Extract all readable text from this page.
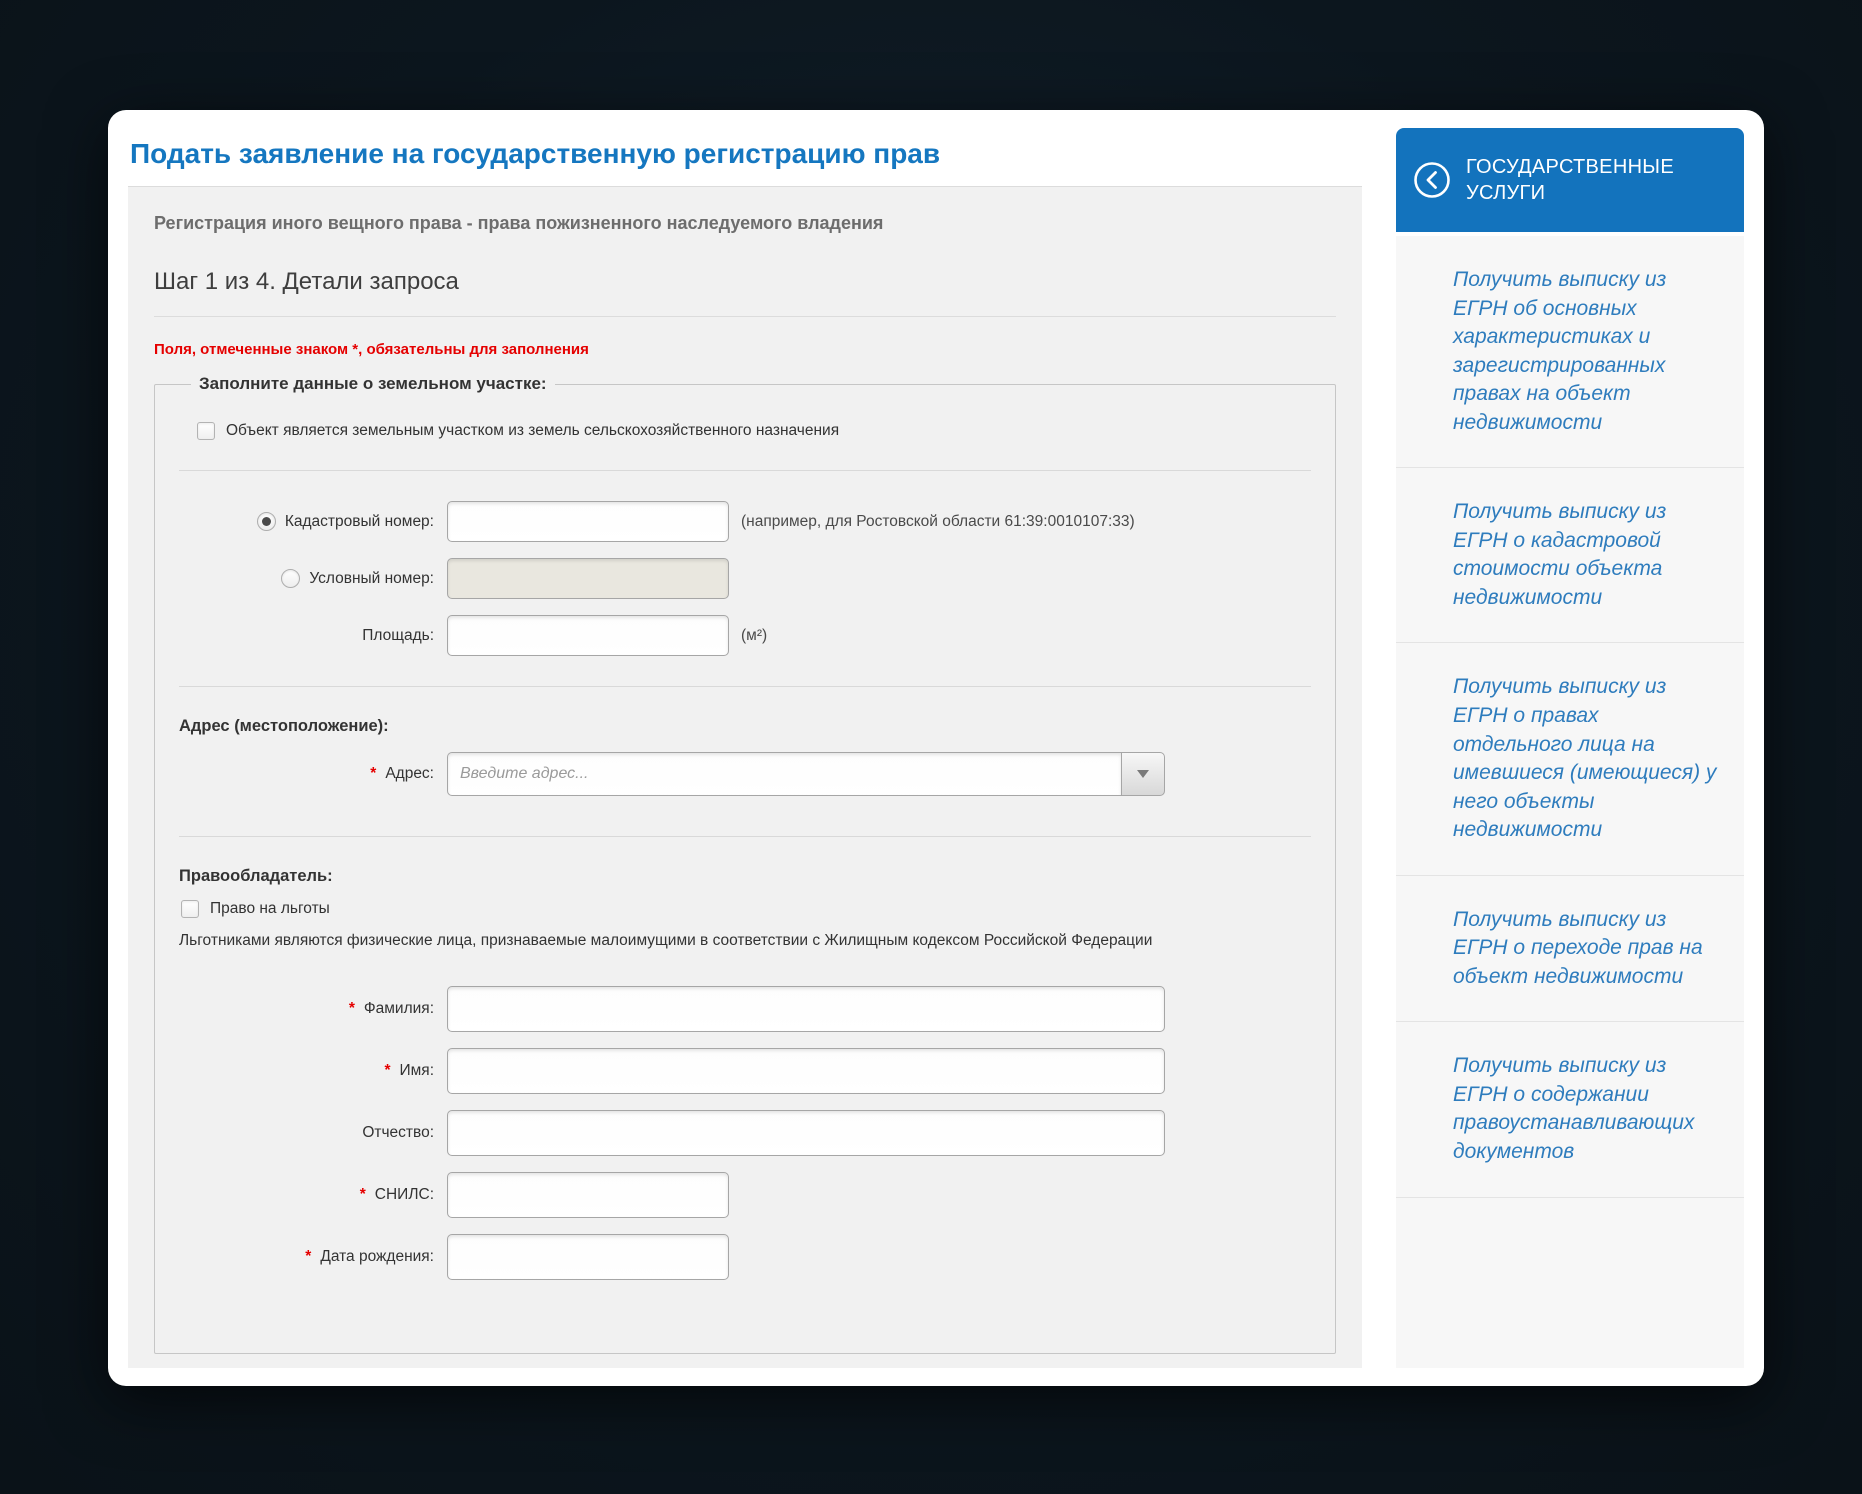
Подать заявление на государственную регистрацию прав
Регистрация иного вещного права - права пожизненного наследуемого владения
Шаг 1 из 4. Детали запроса
Поля, отмеченные знаком *, обязательны для заполнения
Заполните данные о земельном участке:
Объект является земельным участком из земель сельскохозяйственного назначения
Кадастровый номер:	(например, для Ростовской области 61:39:0010107:33)
Условный номер:
Площадь:	(м²)
Адрес (местоположение):
* Адрес:
Введите адрес...
Правообладатель:
Право на льготы

Льготниками являются физические лица, признаваемые малоимущими в соответствии с Жилищным кодексом Российской Федерации

* Фамилия:
* Имя:
Отчество:
* СНИЛС:
* Дата рождения:
ГОСУДАРСТВЕННЫЕ УСЛУГИ
Получить выписку из ЕГРН об основных характеристиках и зарегистрированных правах на объект недвижимости
Получить выписку из ЕГРН о кадастровой стоимости объекта недвижимости
Получить выписку из ЕГРН о правах отдельного лица на имевшиеся (имеющиеся) у него объекты недвижимости
Получить выписку из ЕГРН о переходе прав на объект недвижимости
Получить выписку из ЕГРН о содержании правоустанавливающих документов
